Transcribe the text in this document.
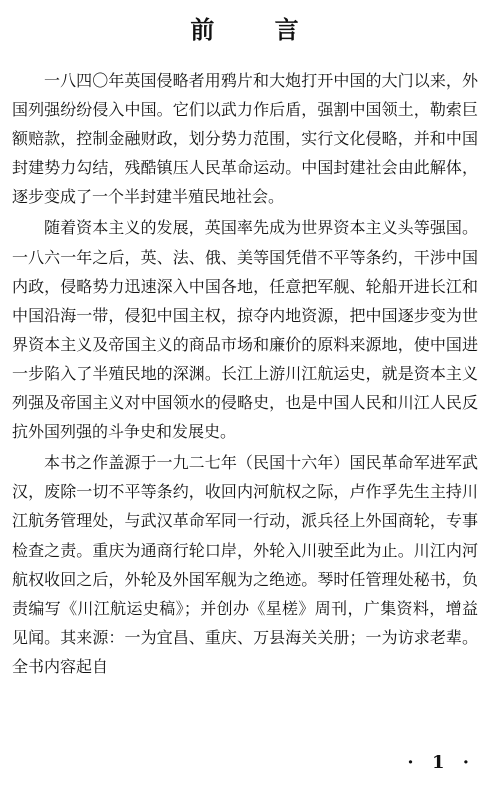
前 言

一八四〇年英国侵略者用鸦片和大炮打开中国的大门以来，外国列强纷纷侵入中国。它们以武力作后盾，强割中国领土，勒索巨额赔款，控制金融财政，划分势力范围，实行文化侵略，并和中国封建势力勾结，残酷镇压人民革命运动。中国封建社会由此解体，逐步变成了一个半封建半殖民地社会。

随着资本主义的发展，英国率先成为世界资本主义头等强国。一八六一年之后，英、法、俄、美等国凭借不平等条约，干涉中国内政，侵略势力迅速深入中国各地，任意把军舰、轮船开进长江和中国沿海一带，侵犯中国主权，掠夺内地资源，把中国逐步变为世界资本主义及帝国主义的商品市场和廉价的原料来源地，使中国进一步陷入了半殖民地的深渊。长江上游川江航运史，就是资本主义列强及帝国主义对中国领水的侵略史，也是中国人民和川江人民反抗外国列强的斗争史和发展史。

本书之作盖源于一九二七年（民国十六年）国民革命军进军武汉，废除一切不平等条约，收回内河航权之际，卢作孚先生主持川江航务管理处，与武汉革命军同一行动，派兵径上外国商轮，专事检查之责。重庆为通商行轮口岸，外轮入川驶至此为止。川江内河航权收回之后，外轮及外国军舰为之绝迹。琴时任管理处秘书，负责编写《川江航运史稿》；并创办《星槎》周刊，广集资料，增益见闻。其来源：一为宜昌、重庆、万县海关关册；一为访求老辈。全书内容起自

· 1 ·
